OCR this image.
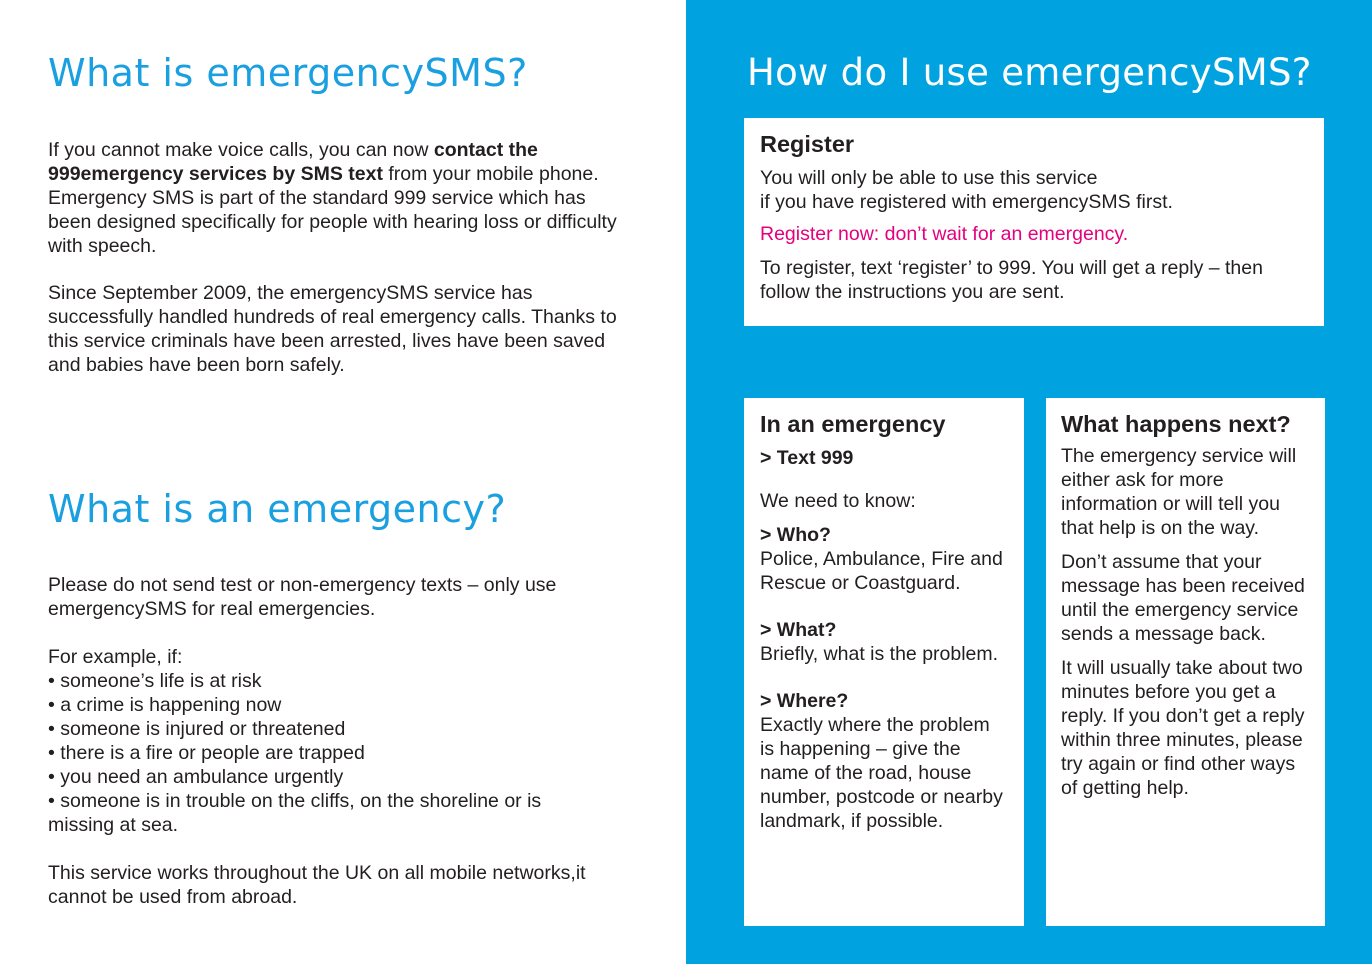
What is emergencySMS?
If you cannot make voice calls, you can now contact the 999emergency services by SMS text from your mobile phone. Emergency SMS is part of the standard 999 service which has been designed specifically for people with hearing loss or difficulty with speech.
Since September 2009, the emergencySMS service has successfully handled hundreds of real emergency calls. Thanks to this service criminals have been arrested, lives have been saved and babies have been born safely.
What is an emergency?
Please do not send test or non-emergency texts – only use emergencySMS for real emergencies.

For example, if:

• someone’s life is at risk
• a crime is happening now
• someone is injured or threatened
• there is a fire or people are trapped
• you need an ambulance urgently
• someone is in trouble on the cliffs, on the shoreline or is missing at sea.
This service works throughout the UK on all mobile networks,it cannot be used from abroad.
How do I use emergencySMS?
Register

You will only be able to use this service

if you have registered with emergencySMS first.

Register now: don’t wait for an emergency.

To register, text ‘register’ to 999. You will get a reply – then follow the instructions you are sent.

In an emergency

> Text 999

We need to know:

> Who?

Police, Ambulance, Fire and Rescue or Coastguard.

> What?

Briefly, what is the problem.

> Where?

Exactly where the problem is happening – give the name of the road, house number, postcode or nearby landmark, if possible.

What happens next?

The emergency service will either ask for more information or will tell you that help is on the way.

Don’t assume that your message has been received until the emergency service sends a message back.

It will usually take about two minutes before you get a reply. If you don’t get a reply within three minutes, please try again or find other ways of getting help.
